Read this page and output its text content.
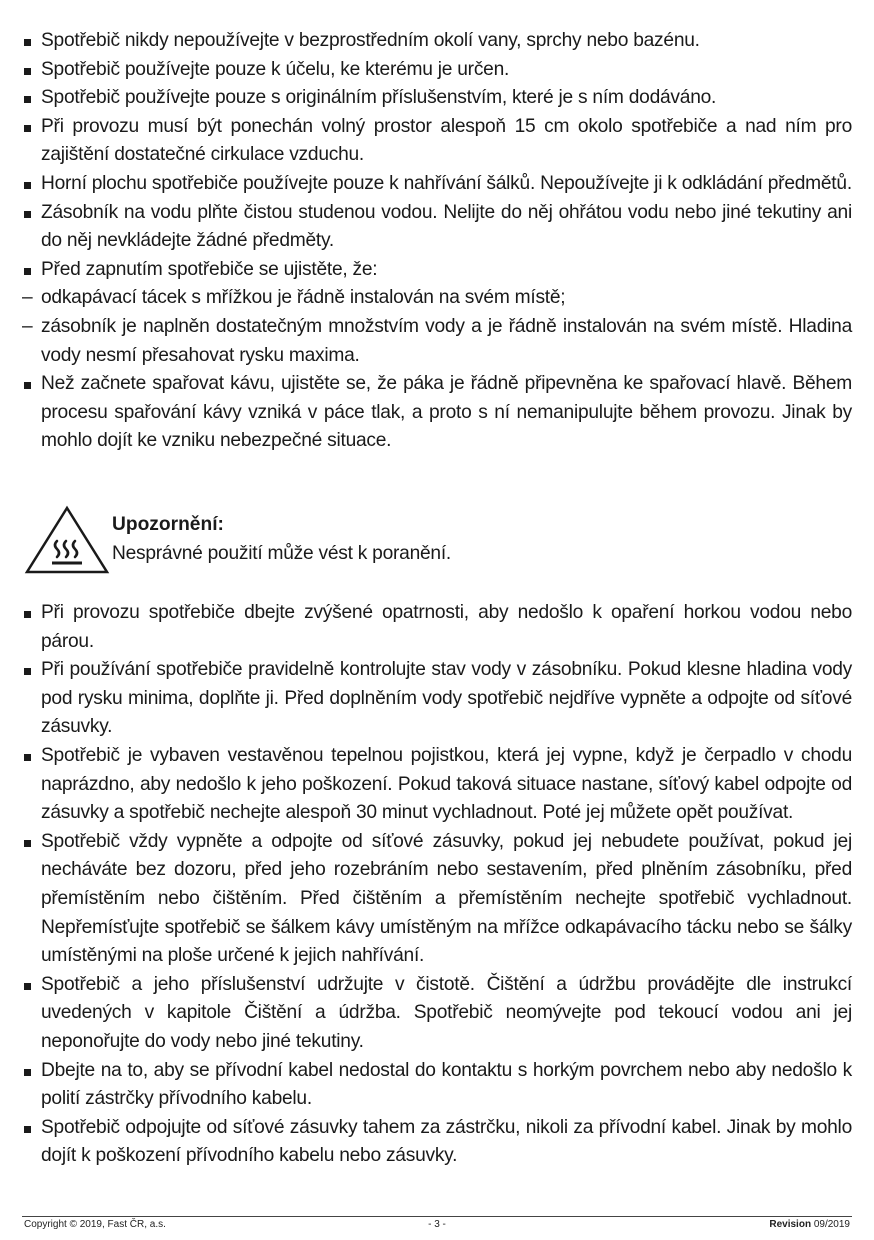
Spotřebič nikdy nepoužívejte v bezprostředním okolí vany, sprchy nebo bazénu.
Spotřebič používejte pouze k účelu, ke kterému je určen.
Spotřebič používejte pouze s originálním příslušenstvím, které je s ním dodáváno.
Při provozu musí být ponechán volný prostor alespoň 15 cm okolo spotřebiče a nad ním pro zajištění dostatečné cirkulace vzduchu.
Horní plochu spotřebiče používejte pouze k nahřívání šálků. Nepoužívejte ji k odkládání předmětů.
Zásobník na vodu plňte čistou studenou vodou. Nelijte do něj ohřátou vodu nebo jiné tekutiny ani do něj nevkládejte žádné předměty.
Před zapnutím spotřebiče se ujistěte, že:
– odkapávací tácek s mřížkou je řádně instalován na svém místě;
– zásobník je naplněn dostatečným množstvím vody a je řádně instalován na svém místě. Hladina vody nesmí přesahovat rysku maxima.
Než začnete spařovat kávu, ujistěte se, že páka je řádně připevněna ke spařovací hlavě. Během procesu spařování kávy vzniká v páce tlak, a proto s ní nemanipulujte během provozu. Jinak by mohlo dojít ke vzniku nebezpečné situace.
Upozornění:
Nesprávné použití může vést k poranění.
Při provozu spotřebiče dbejte zvýšené opatrnosti, aby nedošlo k opaření horkou vodou nebo párou.
Při používání spotřebiče pravidelně kontrolujte stav vody v zásobníku. Pokud klesne hladina vody pod rysku minima, doplňte ji. Před doplněním vody spotřebič nejdříve vypněte a odpojte od síťové zásuvky.
Spotřebič je vybaven vestavěnou tepelnou pojistkou, která jej vypne, když je čerpadlo v chodu naprázdno, aby nedošlo k jeho poškození. Pokud taková situace nastane, síťový kabel odpojte od zásuvky a spotřebič nechejte alespoň 30 minut vychladnout. Poté jej můžete opět používat.
Spotřebič vždy vypněte a odpojte od síťové zásuvky, pokud jej nebudete používat, pokud jej necháváte bez dozoru, před jeho rozebráním nebo sestavením, před plněním zásobníku, před přemístěním nebo čištěním. Před čištěním a přemístěním nechejte spotřebič vychladnout. Nepřemísťujte spotřebič se šálkem kávy umístěným na mřížce odkapávacího tácku nebo se šálky umístěnými na ploše určené k jejich nahřívání.
Spotřebič a jeho příslušenství udržujte v čistotě. Čištění a údržbu provádějte dle instrukcí uvedených v kapitole Čištění a údržba. Spotřebič neomývejte pod tekoucí vodou ani jej neponořujte do vody nebo jiné tekutiny.
Dbejte na to, aby se přívodní kabel nedostal do kontaktu s horkým povrchem nebo aby nedošlo k polití zástrčky přívodního kabelu.
Spotřebič odpojujte od síťové zásuvky tahem za zástrčku, nikoli za přívodní kabel. Jinak by mohlo dojít k poškození přívodního kabelu nebo zásuvky.
Copyright © 2019, Fast ČR, a.s.	- 3 -	Revision 09/2019
